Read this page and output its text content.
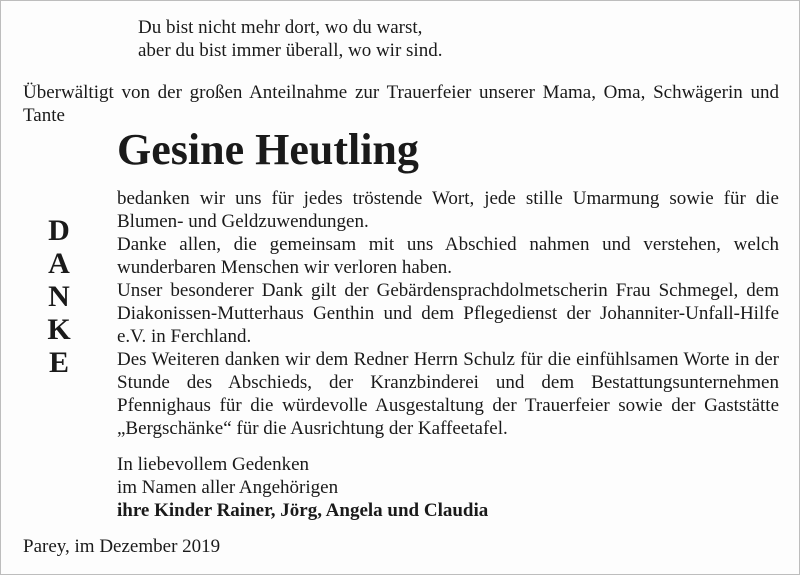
Du bist nicht mehr dort, wo du warst,
aber du bist immer überall, wo wir sind.
Überwältigt von der großen Anteilnahme zur Trauerfeier unserer Mama, Oma, Schwägerin und Tante
Gesine Heutling
D
A
N
K
E

bedanken wir uns für jedes tröstende Wort, jede stille Umarmung sowie für die Blumen- und Geldzuwendungen.

Danke allen, die gemeinsam mit uns Abschied nahmen und verstehen, welch wunderbaren Menschen wir verloren haben.

Unser besonderer Dank gilt der Gebärdensprachdolmetscherin Frau Schmegel, dem Diakonissen-Mutterhaus Genthin und dem Pflegedienst der Johanniter-Unfall-Hilfe e.V. in Ferchland.

Des Weiteren danken wir dem Redner Herrn Schulz für die einfühlsamen Worte in der Stunde des Abschieds, der Kranzbinderei und dem Bestattungsunternehmen Pfennighaus für die würdevolle Ausgestaltung der Trauerfeier sowie der Gaststätte „Bergschänke“ für die Ausrichtung der Kaffeetafel.

In liebevollem Gedenken
im Namen aller Angehörigen
ihre Kinder Rainer, Jörg, Angela und Claudia
Parey, im Dezember 2019
